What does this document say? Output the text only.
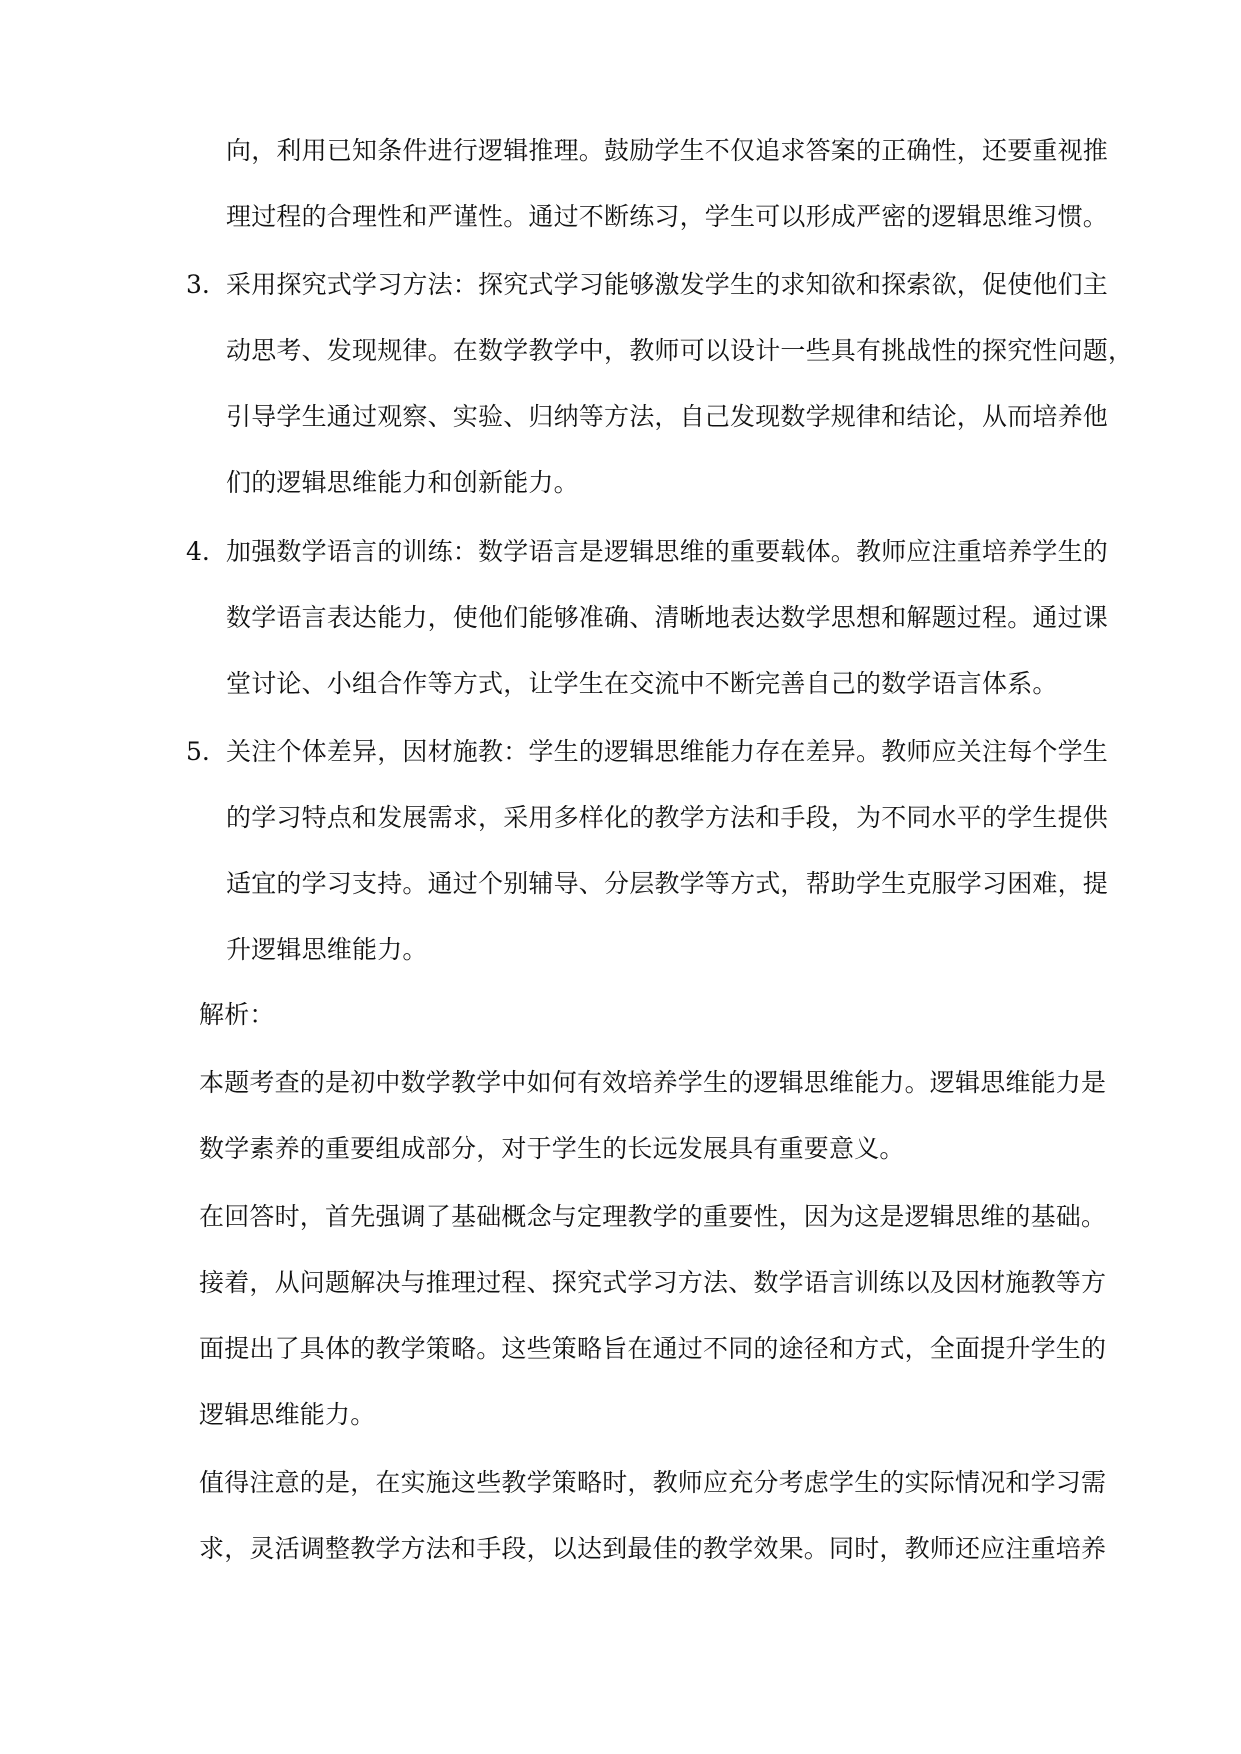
向，利用已知条件进行逻辑推理。鼓励学生不仅追求答案的正确性，还要重视推
理过程的合理性和严谨性。通过不断练习，学生可以形成严密的逻辑思维习惯。
3. 采用探究式学习方法：探究式学习能够激发学生的求知欲和探索欲，促使他们主
动思考、发现规律。在数学教学中，教师可以设计一些具有挑战性的探究性问题，
引导学生通过观察、实验、归纳等方法，自己发现数学规律和结论，从而培养他
们的逻辑思维能力和创新能力。
4. 加强数学语言的训练：数学语言是逻辑思维的重要载体。教师应注重培养学生的
数学语言表达能力，使他们能够准确、清晰地表达数学思想和解题过程。通过课
堂讨论、小组合作等方式，让学生在交流中不断完善自己的数学语言体系。
5. 关注个体差异，因材施教：学生的逻辑思维能力存在差异。教师应关注每个学生
的学习特点和发展需求，采用多样化的教学方法和手段，为不同水平的学生提供
适宜的学习支持。通过个别辅导、分层教学等方式，帮助学生克服学习困难，提
升逻辑思维能力。
解析：
本题考查的是初中数学教学中如何有效培养学生的逻辑思维能力。逻辑思维能力是
数学素养的重要组成部分，对于学生的长远发展具有重要意义。
在回答时，首先强调了基础概念与定理教学的重要性，因为这是逻辑思维的基础。
接着，从问题解决与推理过程、探究式学习方法、数学语言训练以及因材施教等方
面提出了具体的教学策略。这些策略旨在通过不同的途径和方式，全面提升学生的
逻辑思维能力。
值得注意的是，在实施这些教学策略时，教师应充分考虑学生的实际情况和学习需
求，灵活调整教学方法和手段，以达到最佳的教学效果。同时，教师还应注重培养
